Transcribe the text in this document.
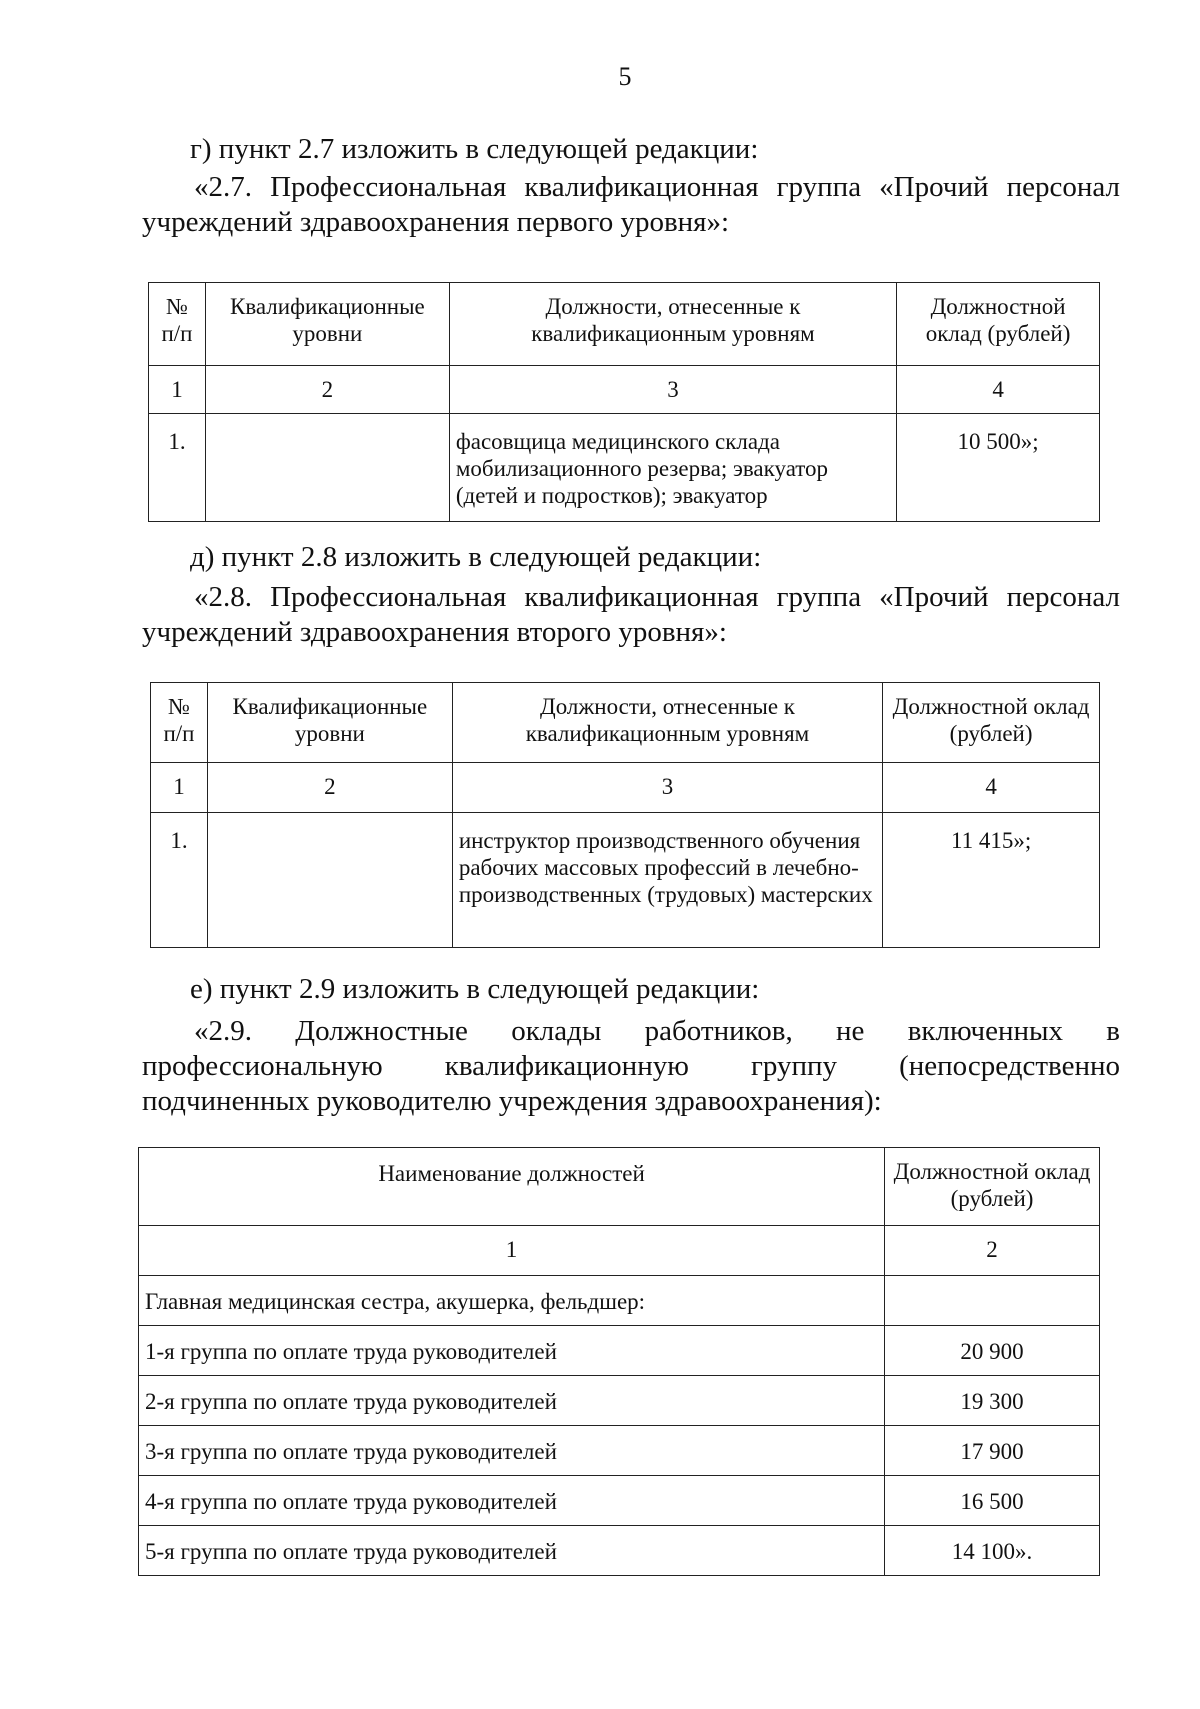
5
г) пункт 2.7 изложить в следующей редакции:
«2.7. Профессиональная квалификационная группа «Прочий персонал учреждений здравоохранения первого уровня»:
№ п/п	Квалификационные уровни	Должности, отнесенные к квалификационным уровням	Должностной оклад (рублей)
1	2	3	4
1.		фасовщица медицинского склада мобилизационного резерва; эвакуатор (детей и подростков); эвакуатор	10 500»;
д) пункт 2.8 изложить в следующей редакции:
«2.8. Профессиональная квалификационная группа «Прочий персонал учреждений здравоохранения второго уровня»:
№ п/п	Квалификационные уровни	Должности, отнесенные к квалификационным уровням	Должностной оклад (рублей)
1	2	3	4
1.		инструктор производственного обучения рабочих массовых профессий в лечебно-производственных (трудовых) мастерских	11 415»;
е) пункт 2.9 изложить в следующей редакции:
«2.9. Должностные оклады работников, не включенных в профессиональную квалификационную группу (непосредственно подчиненных руководителю учреждения здравоохранения):
Наименование должностей	Должностной оклад (рублей)
1	2
Главная медицинская сестра, акушерка, фельдшер:	
1-я группа по оплате труда руководителей	20 900
2-я группа по оплате труда руководителей	19 300
3-я группа по оплате труда руководителей	17 900
4-я группа по оплате труда руководителей	16 500
5-я группа по оплате труда руководителей	14 100».
